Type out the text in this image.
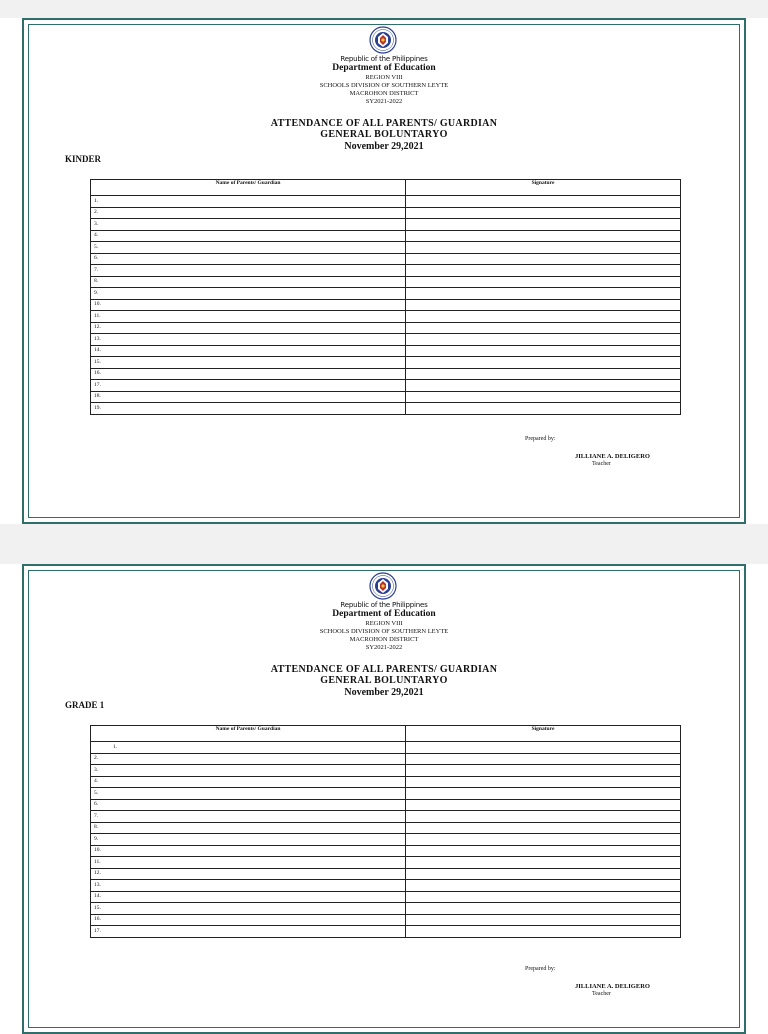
Republic of the Philippines
Department of Education
REGION VIII
SCHOOLS DIVISION OF SOUTHERN LEYTE
MACROHON DISTRICT
SY2021-2022
ATTENDANCE OF ALL PARENTS/ GUARDIAN
GENERAL BOLUNTARYO
November 29,2021
KINDER
Name of Parents/ Guardian	Signature
1.	
2.	
3.	
4.	
5.	
6.	
7.	
8.	
9.	
10.	
11.	
12.	
13.	
14.	
15.	
16.	
17.	
18.	
19.	
Prepared by:
JILLIANE A. DELIGERO
Teacher
Republic of the Philippines
Department of Education
REGION VIII
SCHOOLS DIVISION OF SOUTHERN LEYTE
MACROHON DISTRICT
SY2021-2022
ATTENDANCE OF ALL PARENTS/ GUARDIAN
GENERAL BOLUNTARYO
November 29,2021
GRADE 1
Name of Parents/ Guardian	Signature
1.	
2.	
3.	
4.	
5.	
6.	
7.	
8.	
9.	
10.	
11.	
12.	
13.	
14.	
15.	
16.	
17.	
Prepared by:
JILLIANE A. DELIGERO
Teacher
